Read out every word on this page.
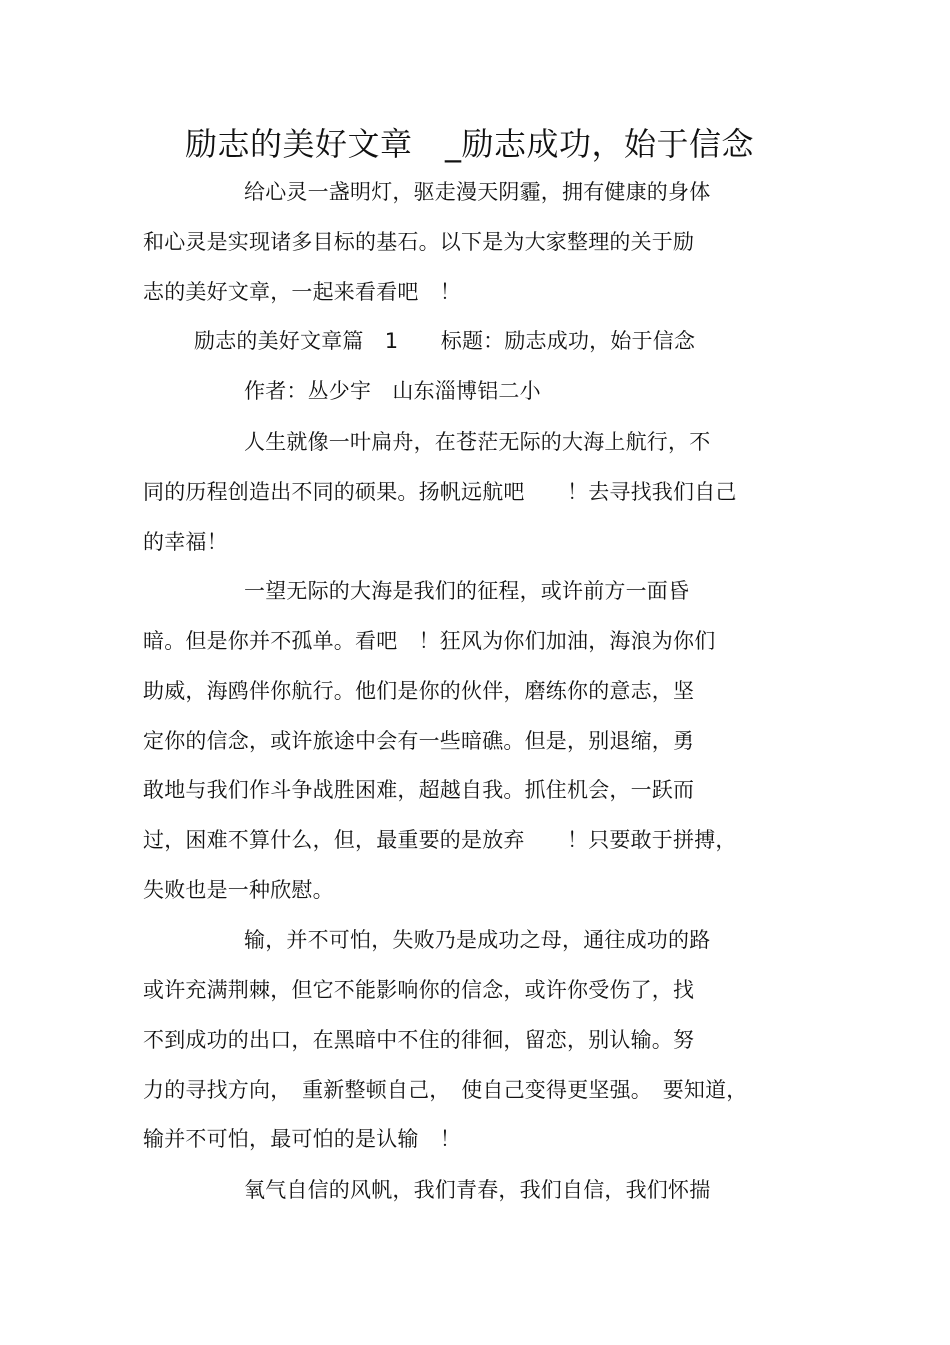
励志的美好文章　_励志成功，始于信念
给心灵一盏明灯，驱走漫天阴霾，拥有健康的身体
和心灵是实现诸多目标的基石。以下是为大家整理的关于励
志的美好文章，一起来看看吧　！
励志的美好文章篇　1　　标题：励志成功，始于信念
作者：丛少宇　山东淄博铝二小
人生就像一叶扁舟，在苍茫无际的大海上航行，不
同的历程创造出不同的硕果。扬帆远航吧　　！去寻找我们自己
的幸福！
一望无际的大海是我们的征程，或许前方一面昏
暗。但是你并不孤单。看吧　！狂风为你们加油，海浪为你们
助威，海鸥伴你航行。他们是你的伙伴，磨练你的意志，坚
定你的信念，或许旅途中会有一些暗礁。但是，别退缩，勇
敢地与我们作斗争战胜困难，超越自我。抓住机会，一跃而
过，困难不算什么，但，最重要的是放弃　　！只要敢于拼搏，
失败也是一种欣慰。
输，并不可怕，失败乃是成功之母，通往成功的路
或许充满荆棘，但它不能影响你的信念，或许你受伤了，找
不到成功的出口，在黑暗中不住的徘徊，留恋，别认输。努
力的寻找方向，　重新整顿自己，　使自己变得更坚强。　要知道，
输并不可怕，最可怕的是认输　！
氧气自信的风帆，我们青春，我们自信，我们怀揣
